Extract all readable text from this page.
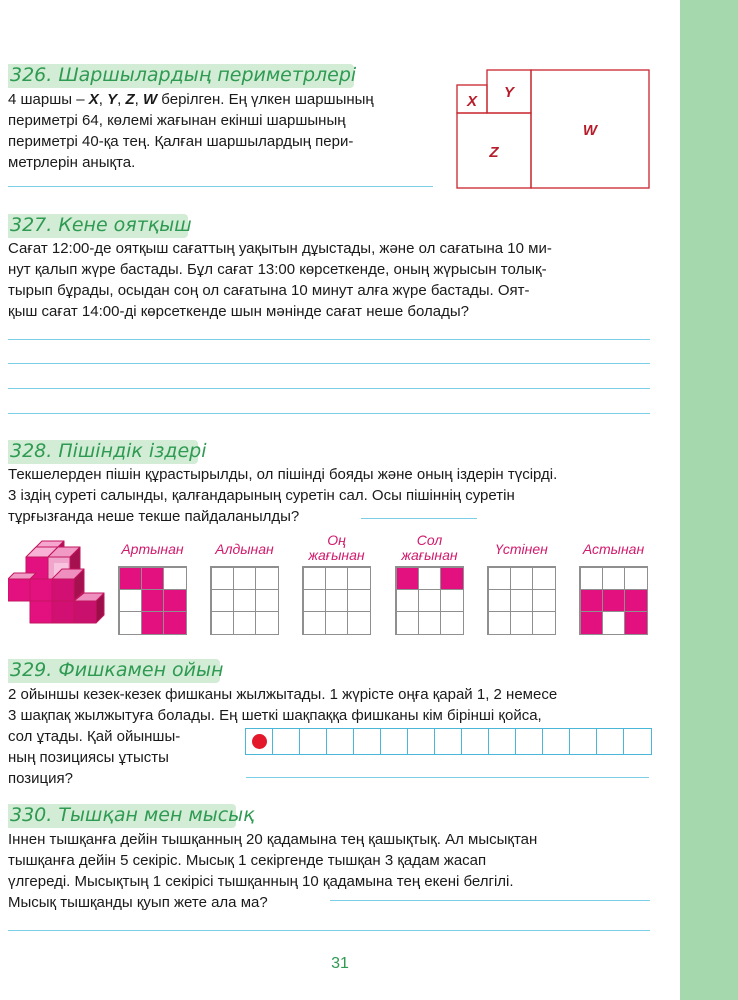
326. Шаршылардың периметрлері
4 шаршы – X, Y, Z, W берілген. Ең үлкен шаршының
периметрі 64, көлемі жағынан екінші шаршының
периметрі 40-қа тең. Қалған шаршылардың пери-
метрлерін анықта.
X
Y
Z
W
327. Кене оятқыш
Сағат 12:00-де оятқыш сағаттың уақытын дұыстады, және ол сағатына 10 ми-
нут қалып жүре бастады. Бұл сағат 13:00 көрсеткенде, оның жүрысын толық-
тырып бұрады, осыдан соң ол сағатына 10 минут алға жүре бастады. Оят-
қыш сағат 14:00-ді көрсеткенде шын мәнінде сағат неше болады?
328. Пішіндік іздері
Текшелерден пішін құрастырылды, ол пішінді бояды және оның іздерін түсірді.
3 іздің суреті салынды, қалғандарының суретін сал. Осы пішіннің суретін
тұрғызғанда неше текше пайдаланылды?
Артынан	Алдынан
Оң
жағынан
Сол
жағынан	Үстінен	Астынан
329. Фишкамен ойын
2 ойыншы кезек-кезек фишканы жылжытады. 1 жүрісте оңға қарай 1, 2 немесе
3 шақпақ жылжытуға болады. Ең шеткі шақпаққа фишканы кім бірінші қойса,
сол ұтады. Қай ойыншы-
ның позициясы ұтысты
позиция?
330. Тышқан мен мысық
Іннен тышқанға дейін тышқанның 20 қадамына тең қашықтық. Ал мысықтан
тышқанға дейін 5 секіріс. Мысық 1 секіргенде тышқан 3 қадам жасап
үлгереді. Мысықтың 1 секірісі тышқанның 10 қадамына тең екені белгілі.
Мысық тышқанды қуып жете ала ма?
31
